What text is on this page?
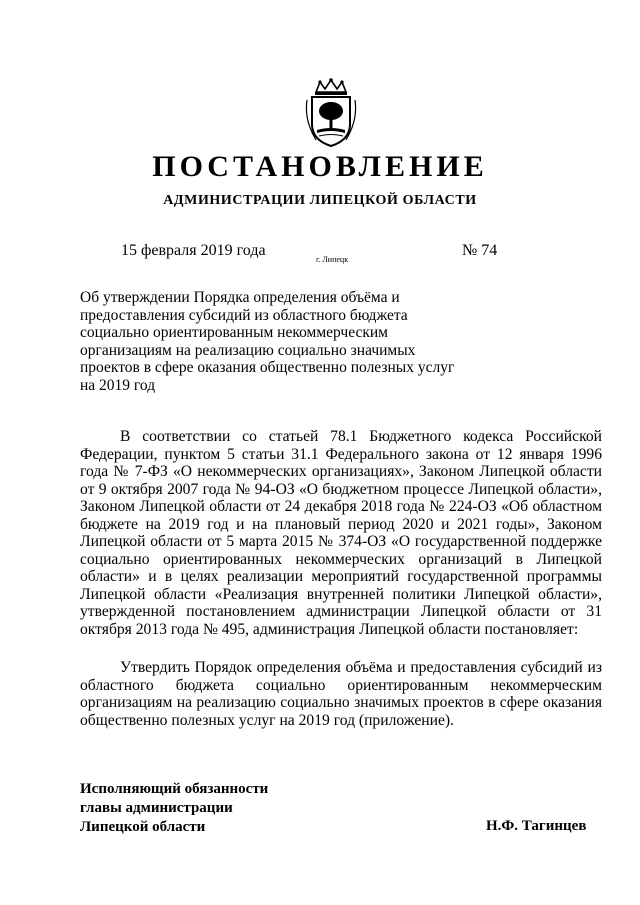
ПОСТАНОВЛЕНИЕ
АДМИНИСТРАЦИИ ЛИПЕЦКОЙ ОБЛАСТИ
15 февраля 2019 года
г. Липецк
№ 74
Об утверждении Порядка определения объёма и
предоставления субсидий из областного бюджета
социально ориентированным некоммерческим
организациям на реализацию социально значимых
проектов в сфере оказания общественно полезных услуг
на 2019 год
В соответствии со статьей 78.1 Бюджетного кодекса Российской Федерации, пунктом 5 статьи 31.1 Федерального закона от 12 января 1996 года № 7-ФЗ «О некоммерческих организациях», Законом Липецкой области от 9 октября 2007 года № 94-ОЗ «О бюджетном процессе Липецкой области», Законом Липецкой области от 24 декабря 2018 года № 224-ОЗ «Об областном бюджете на 2019 год и на плановый период 2020 и 2021 годы», Законом Липецкой области от 5 марта 2015 № 374-ОЗ «О государственной поддержке социально ориентированных некоммерческих организаций в Липецкой области» и в целях реализации мероприятий государственной программы Липецкой области «Реализация внутренней политики Липецкой области», утвержденной постановлением администрации Липецкой области от 31 октября 2013 года № 495, администрация Липецкой области постановляет:
Утвердить Порядок определения объёма и предоставления субсидий из областного бюджета социально ориентированным некоммерческим организациям на реализацию социально значимых проектов в сфере оказания общественно полезных услуг на 2019 год (приложение).
Исполняющий обязанности
главы администрации
Липецкой области	Н.Ф. Тагинцев
